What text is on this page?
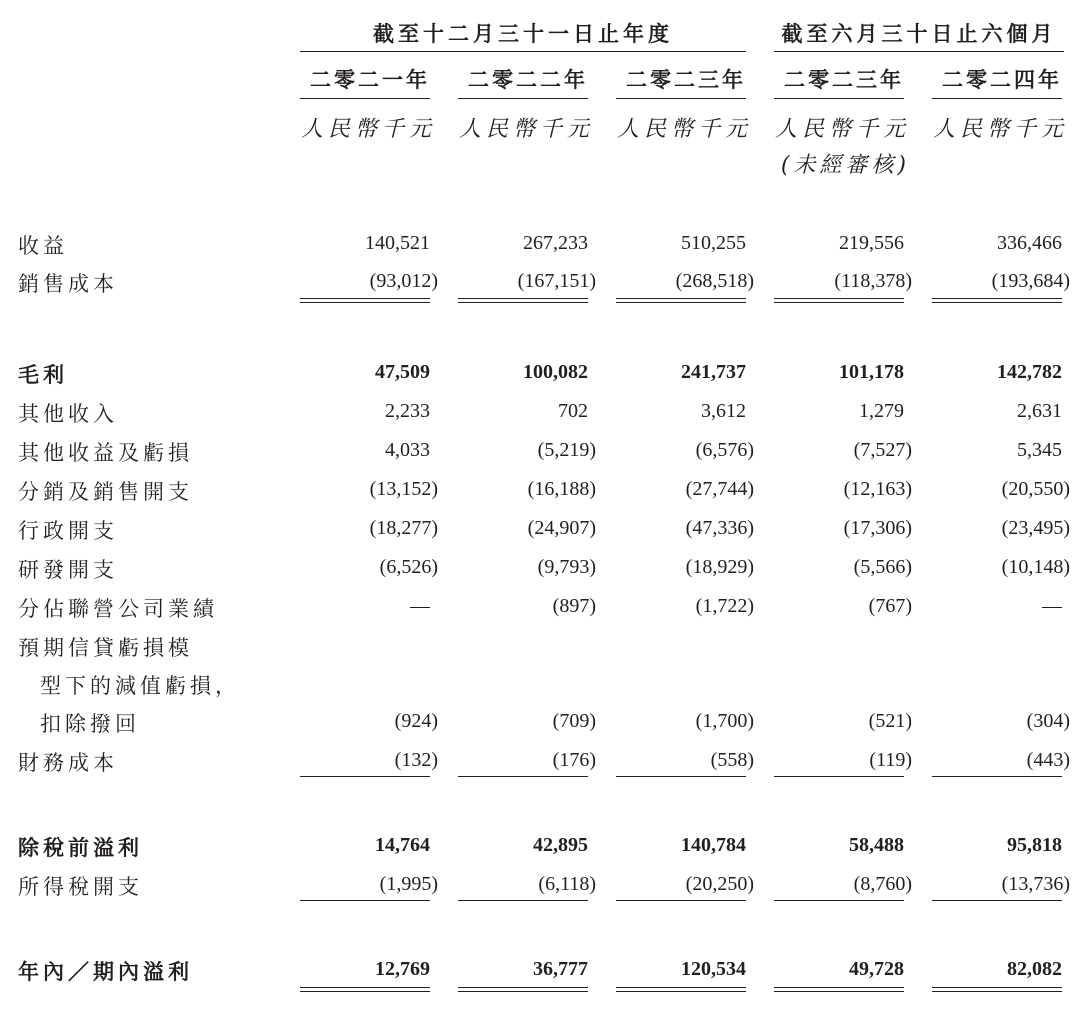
截至十二月三十一日止年度	截至六月三十日止六個月
二零二一年	二零二二年	二零二三年	二零二三年	二零二四年
人民幣千元 人民幣千元 人民幣千元 人民幣千元 人民幣千元
(未經審核)
收益	140,521	267,233	510,255	219,556	336,466
銷售成本	(93,012)	(167,151)	(268,518)	(118,378)	(193,684)
毛利	47,509	100,082	241,737	101,178	142,782
其他收入	2,233	702	3,612	1,279	2,631
其他收益及虧損	4,033	(5,219)	(6,576)	(7,527)	5,345
分銷及銷售開支	(13,152)	(16,188)	(27,744)	(12,163)	(20,550)
行政開支	(18,277)	(24,907)	(47,336)	(17,306)	(23,495)
研發開支	(6,526)	(9,793)	(18,929)	(5,566)	(10,148)
分佔聯營公司業績	—	(897)	(1,722)	(767)	—
預期信貸虧損模
型下的減值虧損，
扣除撥回	(924)	(709)	(1,700)	(521)	(304)
財務成本	(132)	(176)	(558)	(119)	(443)
除稅前溢利	14,764	42,895	140,784	58,488	95,818
所得稅開支	(1,995)	(6,118)	(20,250)	(8,760)	(13,736)
年內／期內溢利	12,769	36,777	120,534	49,728	82,082
